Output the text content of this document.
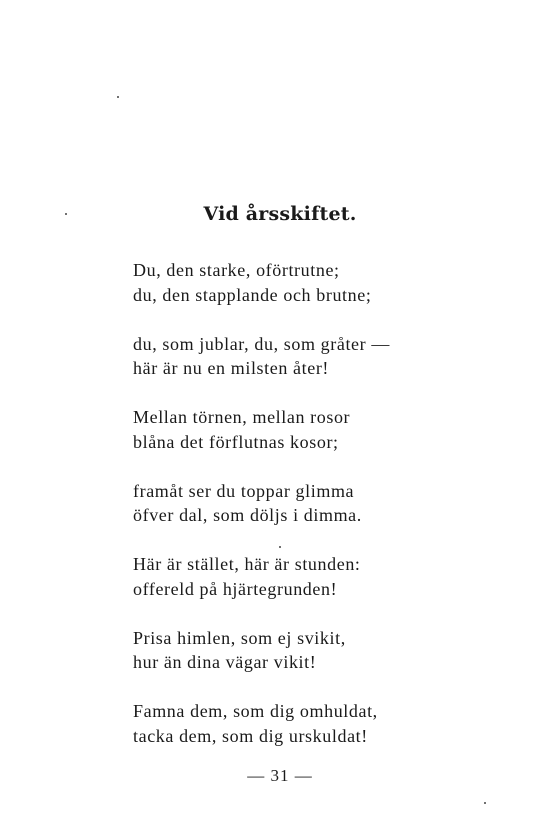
Vid årsskiftet.

Du, den starke, oförtrutne;
du, den stapplande och brutne;

du, som jublar, du, som gråter —
här är nu en milsten åter!

Mellan törnen, mellan rosor
blåna det förflutnas kosor;

framåt ser du toppar glimma
öfver dal, som döljs i dimma.

Här är stället, här är stunden:
offereld på hjärtegrunden!

Prisa himlen, som ej svikit,
hur än dina vägar vikit!

Famna dem, som dig omhuldat,
tacka dem, som dig urskuldat!

— 31 —
